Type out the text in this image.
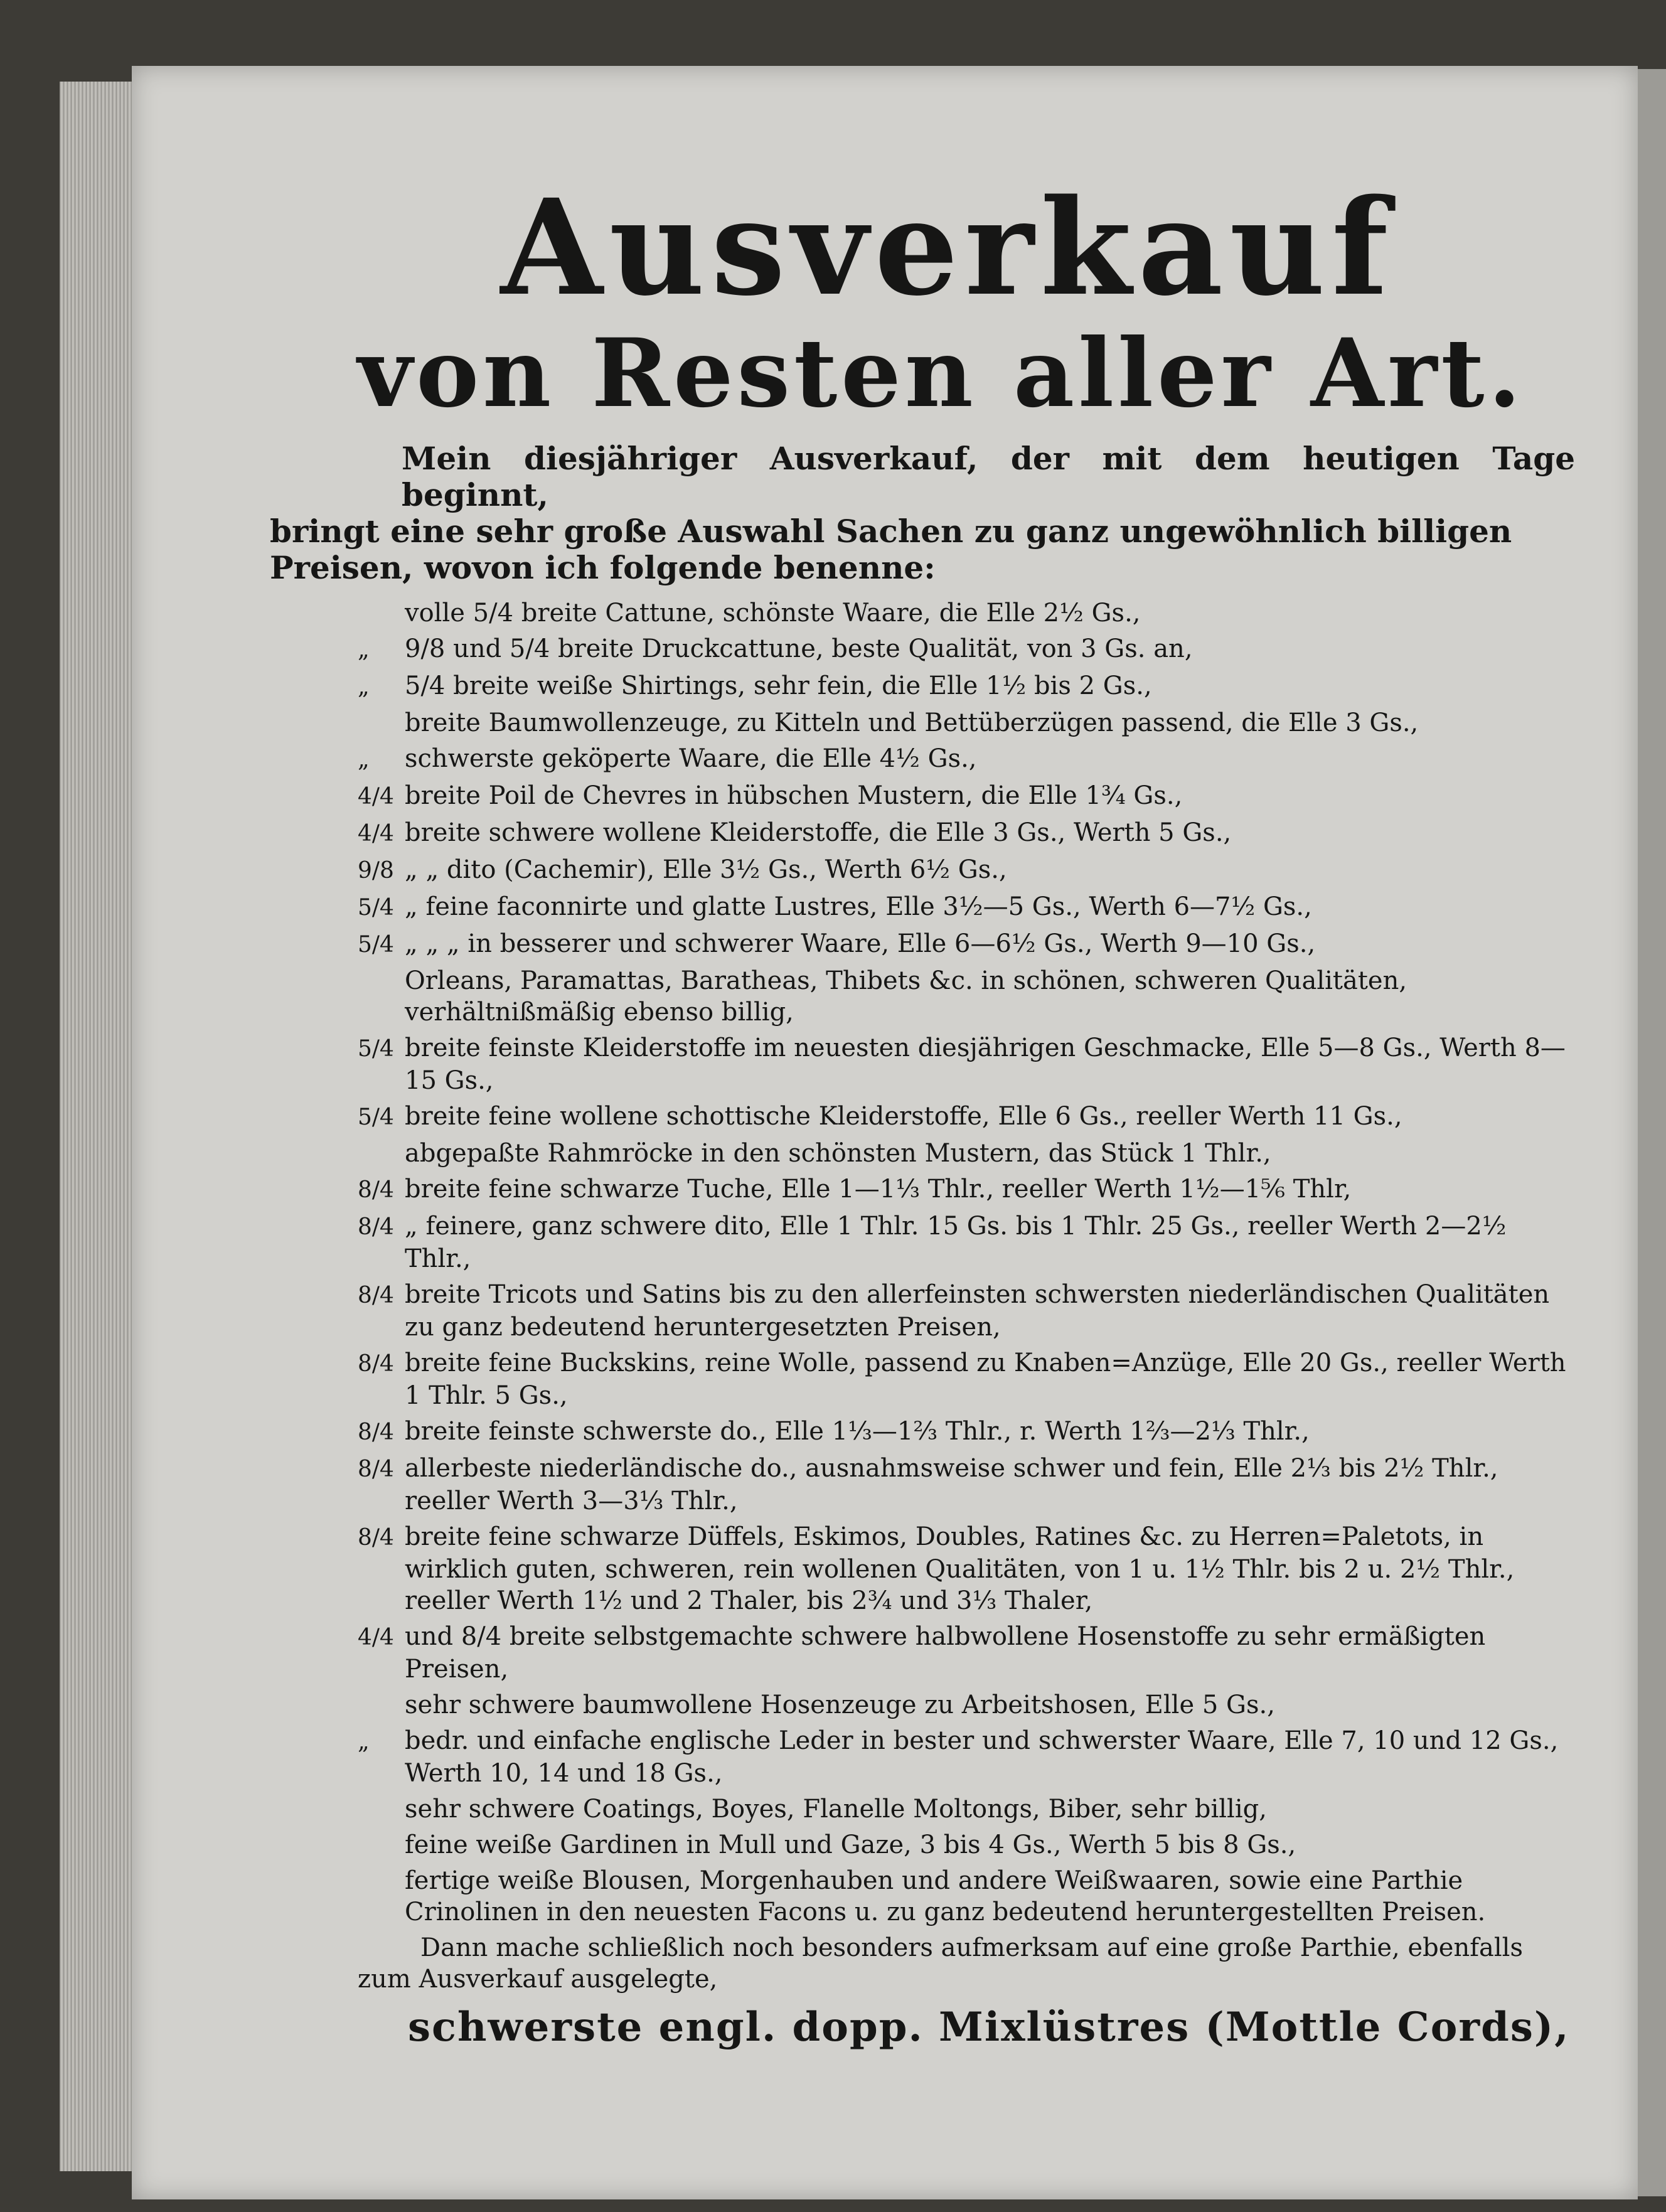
Ausverkauf
von Resten aller Art.
Mein diesjähriger Ausverkauf, der mit dem heutigen Tage beginnt,
bringt eine sehr große Auswahl Sachen zu ganz ungewöhnlich billigen
Preisen, wovon ich folgende benenne:
volle 5/4 breite Cattune, schönste Waare, die Elle 2½ Gs.,
„ 9/8 und 5/4 breite Druckcattune, beste Qualität, von 3 Gs. an,
„ 5/4 breite weiße Shirtings, sehr fein, die Elle 1½ bis 2 Gs.,
breite Baumwollenzeuge, zu Kitteln und Bettüberzügen passend, die Elle 3 Gs.,
„ schwerste geköperte Waare, die Elle 4½ Gs.,
4/4 breite Poil de Chevres in hübschen Mustern, die Elle 1¾ Gs.,
4/4 breite schwere wollene Kleiderstoffe, die Elle 3 Gs., Werth 5 Gs.,
9/8 „ „ dito (Cachemir), Elle 3½ Gs., Werth 6½ Gs.,
5/4 „ feine faconnirte und glatte Lustres, Elle 3½—5 Gs., Werth 6—7½ Gs.,
5/4 „ „ „ in besserer und schwerer Waare, Elle 6—6½ Gs., Werth 9—10 Gs.,
Orleans, Paramattas, Baratheas, Thibets &c. in schönen, schweren Qualitäten, verhältnißmäßig ebenso billig,
5/4 breite feinste Kleiderstoffe im neuesten diesjährigen Geschmacke, Elle 5—8 Gs., Werth 8—15 Gs.,
5/4 breite feine wollene schottische Kleiderstoffe, Elle 6 Gs., reeller Werth 11 Gs.,
abgepaßte Rahmröcke in den schönsten Mustern, das Stück 1 Thlr.,
8/4 breite feine schwarze Tuche, Elle 1—1⅓ Thlr., reeller Werth 1½—1⅚ Thlr,
8/4 „ feinere, ganz schwere dito, Elle 1 Thlr. 15 Gs. bis 1 Thlr. 25 Gs., reeller Werth 2—2½ Thlr.,
8/4 breite Tricots und Satins bis zu den allerfeinsten schwersten niederländischen Qualitäten zu ganz bedeutend heruntergesetzten Preisen,
8/4 breite feine Buckskins, reine Wolle, passend zu Knaben=Anzüge, Elle 20 Gs., reeller Werth 1 Thlr. 5 Gs.,
8/4 breite feinste schwerste do., Elle 1⅓—1⅔ Thlr., r. Werth 1⅔—2⅓ Thlr.,
8/4 allerbeste niederländische do., ausnahmsweise schwer und fein, Elle 2⅓ bis 2½ Thlr., reeller Werth 3—3⅓ Thlr.,
8/4 breite feine schwarze Düffels, Eskimos, Doubles, Ratines &c. zu Herren=Paletots, in wirklich guten, schweren, rein wollenen Qualitäten, von 1 u. 1½ Thlr. bis 2 u. 2½ Thlr., reeller Werth 1½ und 2 Thaler, bis 2¾ und 3⅓ Thaler,
4/4 und 8/4 breite selbstgemachte schwere halbwollene Hosenstoffe zu sehr ermäßigten Preisen,
sehr schwere baumwollene Hosenzeuge zu Arbeitshosen, Elle 5 Gs.,
„ bedr. und einfache englische Leder in bester und schwerster Waare, Elle 7, 10 und 12 Gs., Werth 10, 14 und 18 Gs.,
sehr schwere Coatings, Boyes, Flanelle Moltongs, Biber, sehr billig,
feine weiße Gardinen in Mull und Gaze, 3 bis 4 Gs., Werth 5 bis 8 Gs.,
fertige weiße Blousen, Morgenhauben und andere Weißwaaren, sowie eine Parthie Crinolinen in den neuesten Facons u. zu ganz bedeutend heruntergestellten Preisen.
Dann mache schließlich noch besonders aufmerksam auf eine große Parthie, ebenfalls zum Ausverkauf ausgelegte,
schwerste engl. dopp. Mixlüstres (Mottle Cords),
